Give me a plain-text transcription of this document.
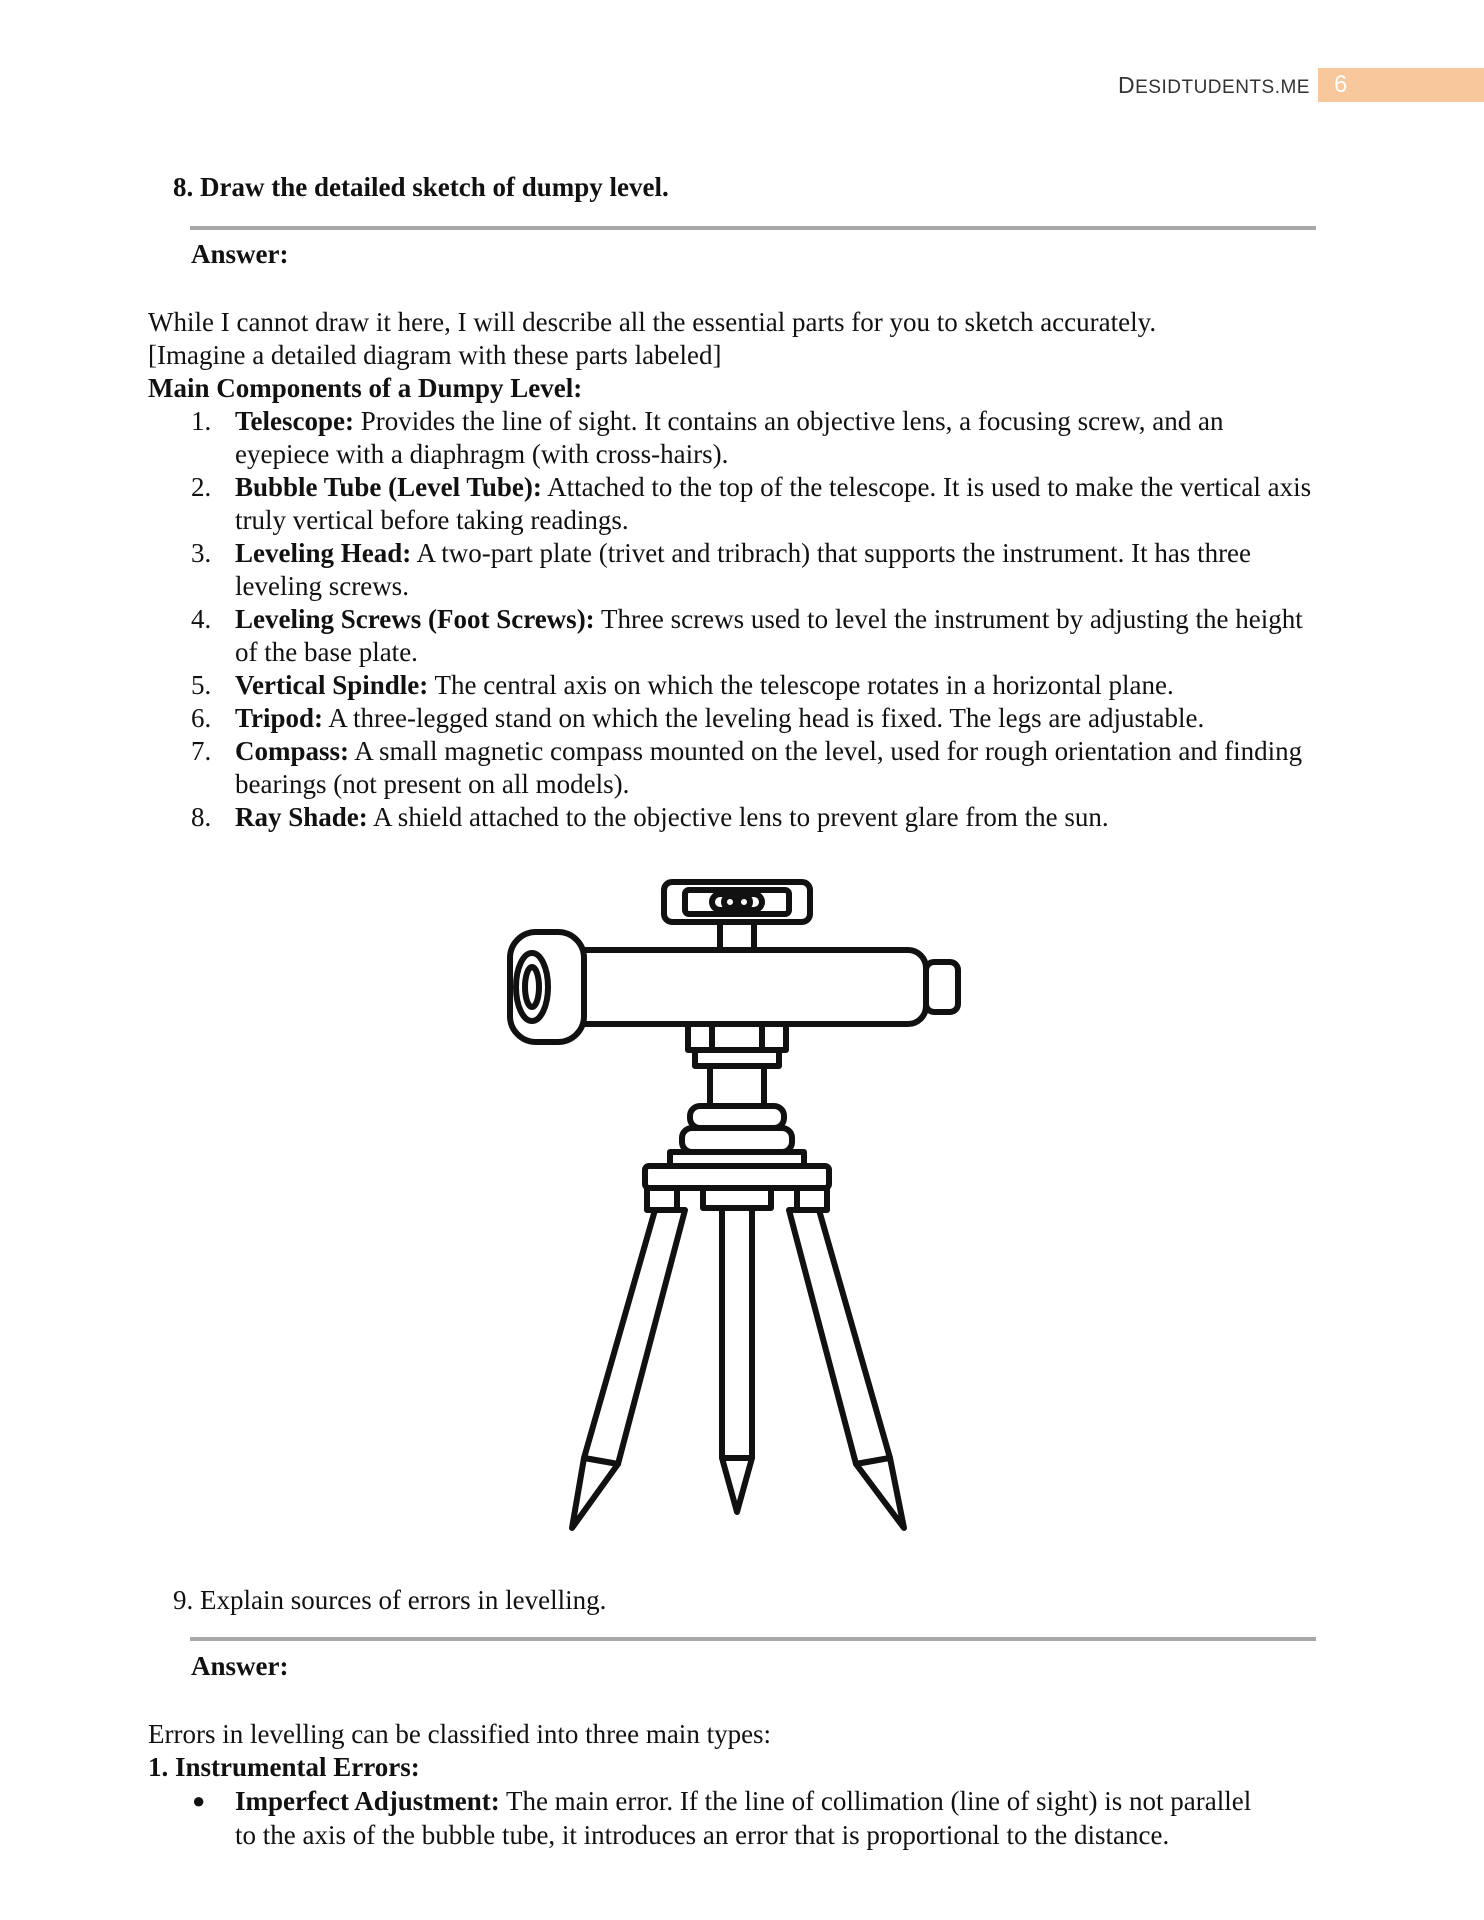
DESIDTUDENTS.ME	6
8. Draw the detailed sketch of dumpy level.
Answer:
While I cannot draw it here, I will describe all the essential parts for you to sketch accurately.
[Imagine a detailed diagram with these parts labeled]
Main Components of a Dumpy Level:
1. Telescope: Provides the line of sight. It contains an objective lens, a focusing screw, and an eyepiece with a diaphragm (with cross-hairs).
2. Bubble Tube (Level Tube): Attached to the top of the telescope. It is used to make the vertical axis truly vertical before taking readings.
3. Leveling Head: A two-part plate (trivet and tribrach) that supports the instrument. It has three leveling screws.
4. Leveling Screws (Foot Screws): Three screws used to level the instrument by adjusting the height of the base plate.
5. Vertical Spindle: The central axis on which the telescope rotates in a horizontal plane.
6. Tripod: A three-legged stand on which the leveling head is fixed. The legs are adjustable.
7. Compass: A small magnetic compass mounted on the level, used for rough orientation and finding bearings (not present on all models).
8. Ray Shade: A shield attached to the objective lens to prevent glare from the sun.
9. Explain sources of errors in levelling.
Answer:
Errors in levelling can be classified into three main types:
1. Instrumental Errors:
● Imperfect Adjustment: The main error. If the line of collimation (line of sight) is not parallel to the axis of the bubble tube, it introduces an error that is proportional to the distance.
